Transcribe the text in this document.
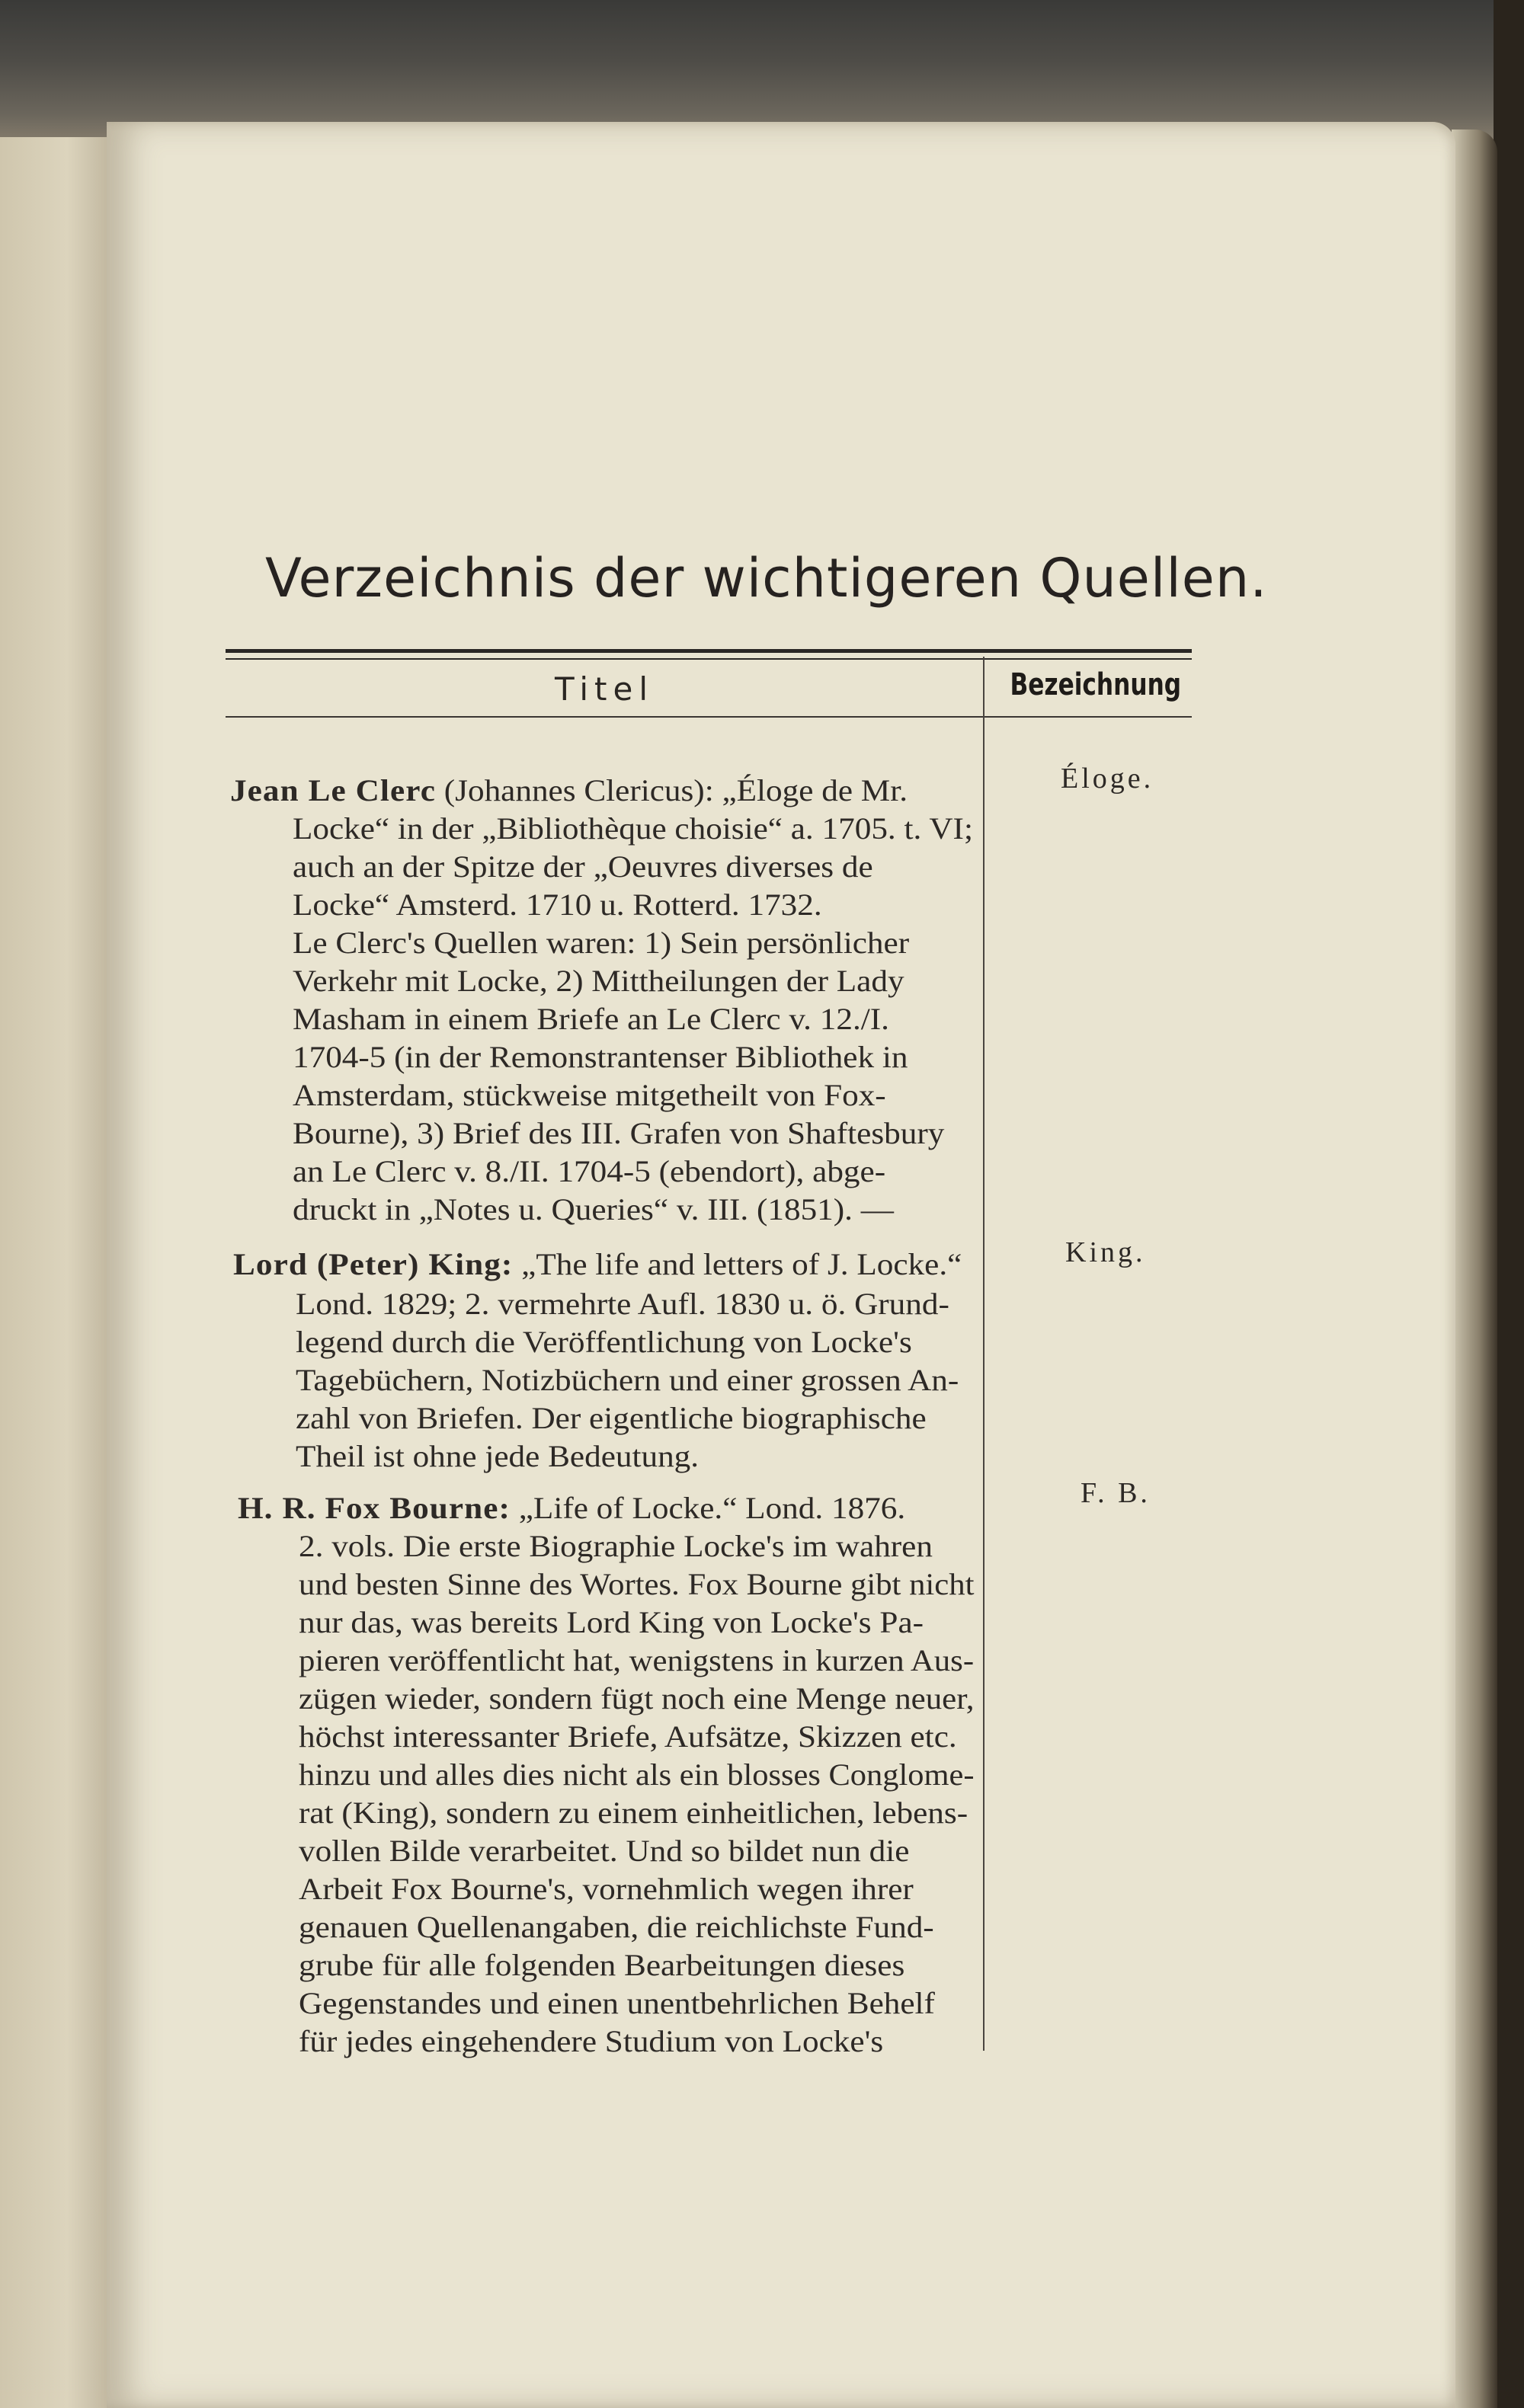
Verzeichnis der wichtigeren Quellen.
Titel	Bezeichnung
Éloge.

Jean Le Clerc (Johannes Clericus): „Éloge de Mr.

Locke“ in der „Bibliothèque choisie“ a. 1705. t. VI;

auch an der Spitze der „Oeuvres diverses de

Locke“ Amsterd. 1710 u. Rotterd. 1732.

Le Clerc's Quellen waren: 1) Sein persönlicher

Verkehr mit Locke, 2) Mittheilungen der Lady

Masham in einem Briefe an Le Clerc v. 12./I.

1704-5 (in der Remonstrantenser Bibliothek in

Amsterdam, stückweise mitgetheilt von Fox-

Bourne), 3) Brief des III. Grafen von Shaftesbury

an Le Clerc v. 8./II. 1704-5 (ebendort), abge-

druckt in „Notes u. Queries“ v. III. (1851). —

King.

Lord (Peter) King: „The life and letters of J. Locke.“

Lond. 1829; 2. vermehrte Aufl. 1830 u. ö. Grund-

legend durch die Veröffentlichung von Locke's

Tagebüchern, Notizbüchern und einer grossen An-

zahl von Briefen. Der eigentliche biographische

Theil ist ohne jede Bedeutung.

F. B.

H. R. Fox Bourne: „Life of Locke.“ Lond. 1876.

2. vols. Die erste Biographie Locke's im wahren

und besten Sinne des Wortes. Fox Bourne gibt nicht

nur das, was bereits Lord King von Locke's Pa-

pieren veröffentlicht hat, wenigstens in kurzen Aus-

zügen wieder, sondern fügt noch eine Menge neuer,

höchst interessanter Briefe, Aufsätze, Skizzen etc.

hinzu und alles dies nicht als ein blosses Conglome-

rat (King), sondern zu einem einheitlichen, lebens-

vollen Bilde verarbeitet. Und so bildet nun die

Arbeit Fox Bourne's, vornehmlich wegen ihrer

genauen Quellenangaben, die reichlichste Fund-

grube für alle folgenden Bearbeitungen dieses

Gegenstandes und einen unentbehrlichen Behelf

für jedes eingehendere Studium von Locke's
